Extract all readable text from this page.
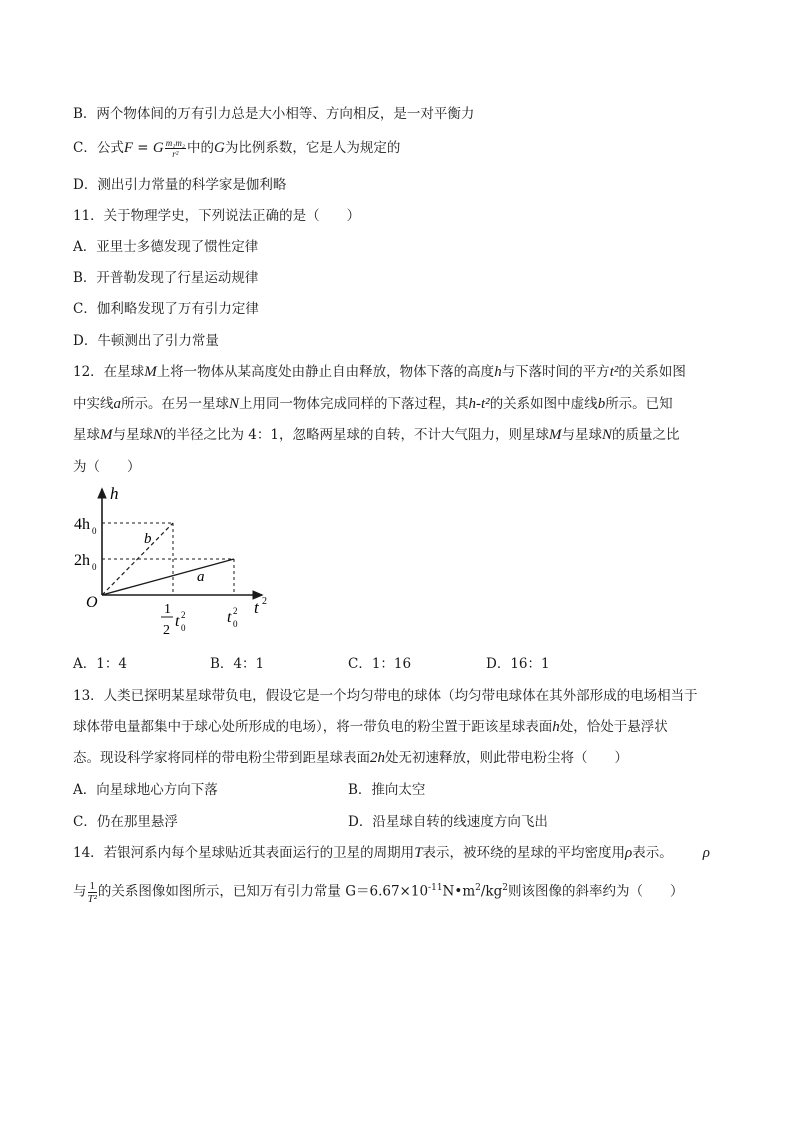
B．两个物体间的万有引力总是大小相等、方向相反，是一对平衡力
C．公式F = G $\frac{\text{m₁m₂}}{\text{r²}}$ 中的G为比例系数，它是人为规定的
D．测出引力常量的科学家是伽利略
11．关于物理学史，下列说法正确的是（　　）
A．亚里士多德发现了惯性定律
B．开普勒发现了行星运动规律
C．伽利略发现了万有引力定律
D．牛顿测出了引力常量
12．在星球M上将一物体从某高度处由静止自由释放，物体下落的高度h与下落时间的平方t²的关系如图
中实线a所示。在另一星球N上用同一物体完成同样的下落过程，其h-t²的关系如图中虚线b所示。已知
星球M与星球N的半径之比为 4：1，忽略两星球的自转，不计大气阻力，则星球M与星球N的质量之比
为（　　）
h
t 2
O
4h 0
2h 0
b
a
1
2
t 0
2	t 0
2
A．1：4	B．4：1	C．1：16	D．16：1
13．人类已探明某星球带负电，假设它是一个均匀带电的球体（均匀带电球体在其外部形成的电场相当于
球体带电量都集中于球心处所形成的电场），将一带负电的粉尘置于距该星球表面h处，恰处于悬浮状
态。现设科学家将同样的带电粉尘带到距星球表面2h处无初速释放，则此带电粉尘将（　　）
A．向星球地心方向下落	B．推向太空
C．仍在那里悬浮	D．沿星球自转的线速度方向飞出
14．若银河系内每个星球贴近其表面运行的卫星的周期用T表示，被环绕的星球的平均密度用ρ表示。 ρ
与 $\frac{1}{\text{T²}}$ 的关系图像如图所示，已知万有引力常量 $G=6.67\times 10^{-11}N•m^2/kg^2$则该图像的斜率约为（　　）
